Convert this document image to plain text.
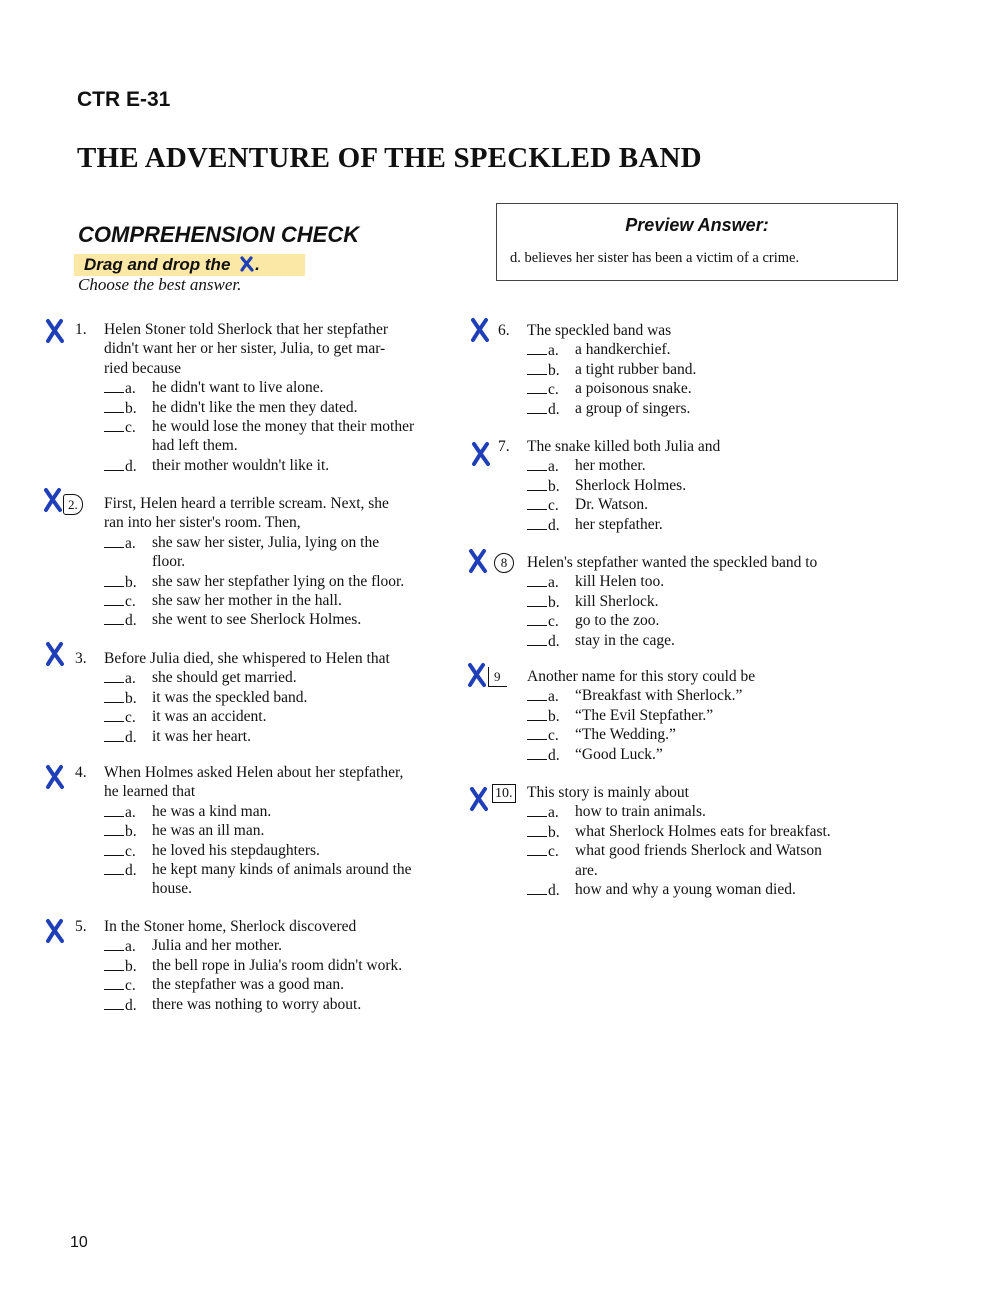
CTR E-31
THE ADVENTURE OF THE SPECKLED BAND
COMPREHENSION CHECK
Drag and drop the .
Choose the best answer.
Preview Answer:
d. believes her sister has been a victim of a crime.
1. Helen Stoner told Sherlock that her stepfather
didn't want her or her sister, Julia, to get mar-
ried because
a. he didn't want to live alone.
b. he didn't like the men they dated.
c. he would lose the money that their mother
had left them.
d. their mother wouldn't like it.
2.	First, Helen heard a terrible scream. Next, she
ran into her sister's room. Then,
a. she saw her sister, Julia, lying on the
floor.
b. she saw her stepfather lying on the floor.
c. she saw her mother in the hall.
d. she went to see Sherlock Holmes.
3. Before Julia died, she whispered to Helen that
a. she should get married.
b. it was the speckled band.
c. it was an accident.
d. it was her heart.
4. When Holmes asked Helen about her stepfather,
he learned that
a. he was a kind man.
b. he was an ill man.
c. he loved his stepdaughters.
d. he kept many kinds of animals around the
house.
5. In the Stoner home, Sherlock discovered
a. Julia and her mother.
b. the bell rope in Julia's room didn't work.
c. the stepfather was a good man.
d. there was nothing to worry about.
6. The speckled band was
a. a handkerchief.
b. a tight rubber band.
c. a poisonous snake.
d. a group of singers.
7. The snake killed both Julia and
a. her mother.
b. Sherlock Holmes.
c. Dr. Watson.
d. her stepfather.
8	Helen's stepfather wanted the speckled band to
a. kill Helen too.
b. kill Sherlock.
c. go to the zoo.
d. stay in the cage.
9	Another name for this story could be
a. “Breakfast with Sherlock.”
b. “The Evil Stepfather.”
c. “The Wedding.”
d. “Good Luck.”
10. This story is mainly about
a. how to train animals.
b. what Sherlock Holmes eats for breakfast.
c. what good friends Sherlock and Watson
are.
d. how and why a young woman died.
10
